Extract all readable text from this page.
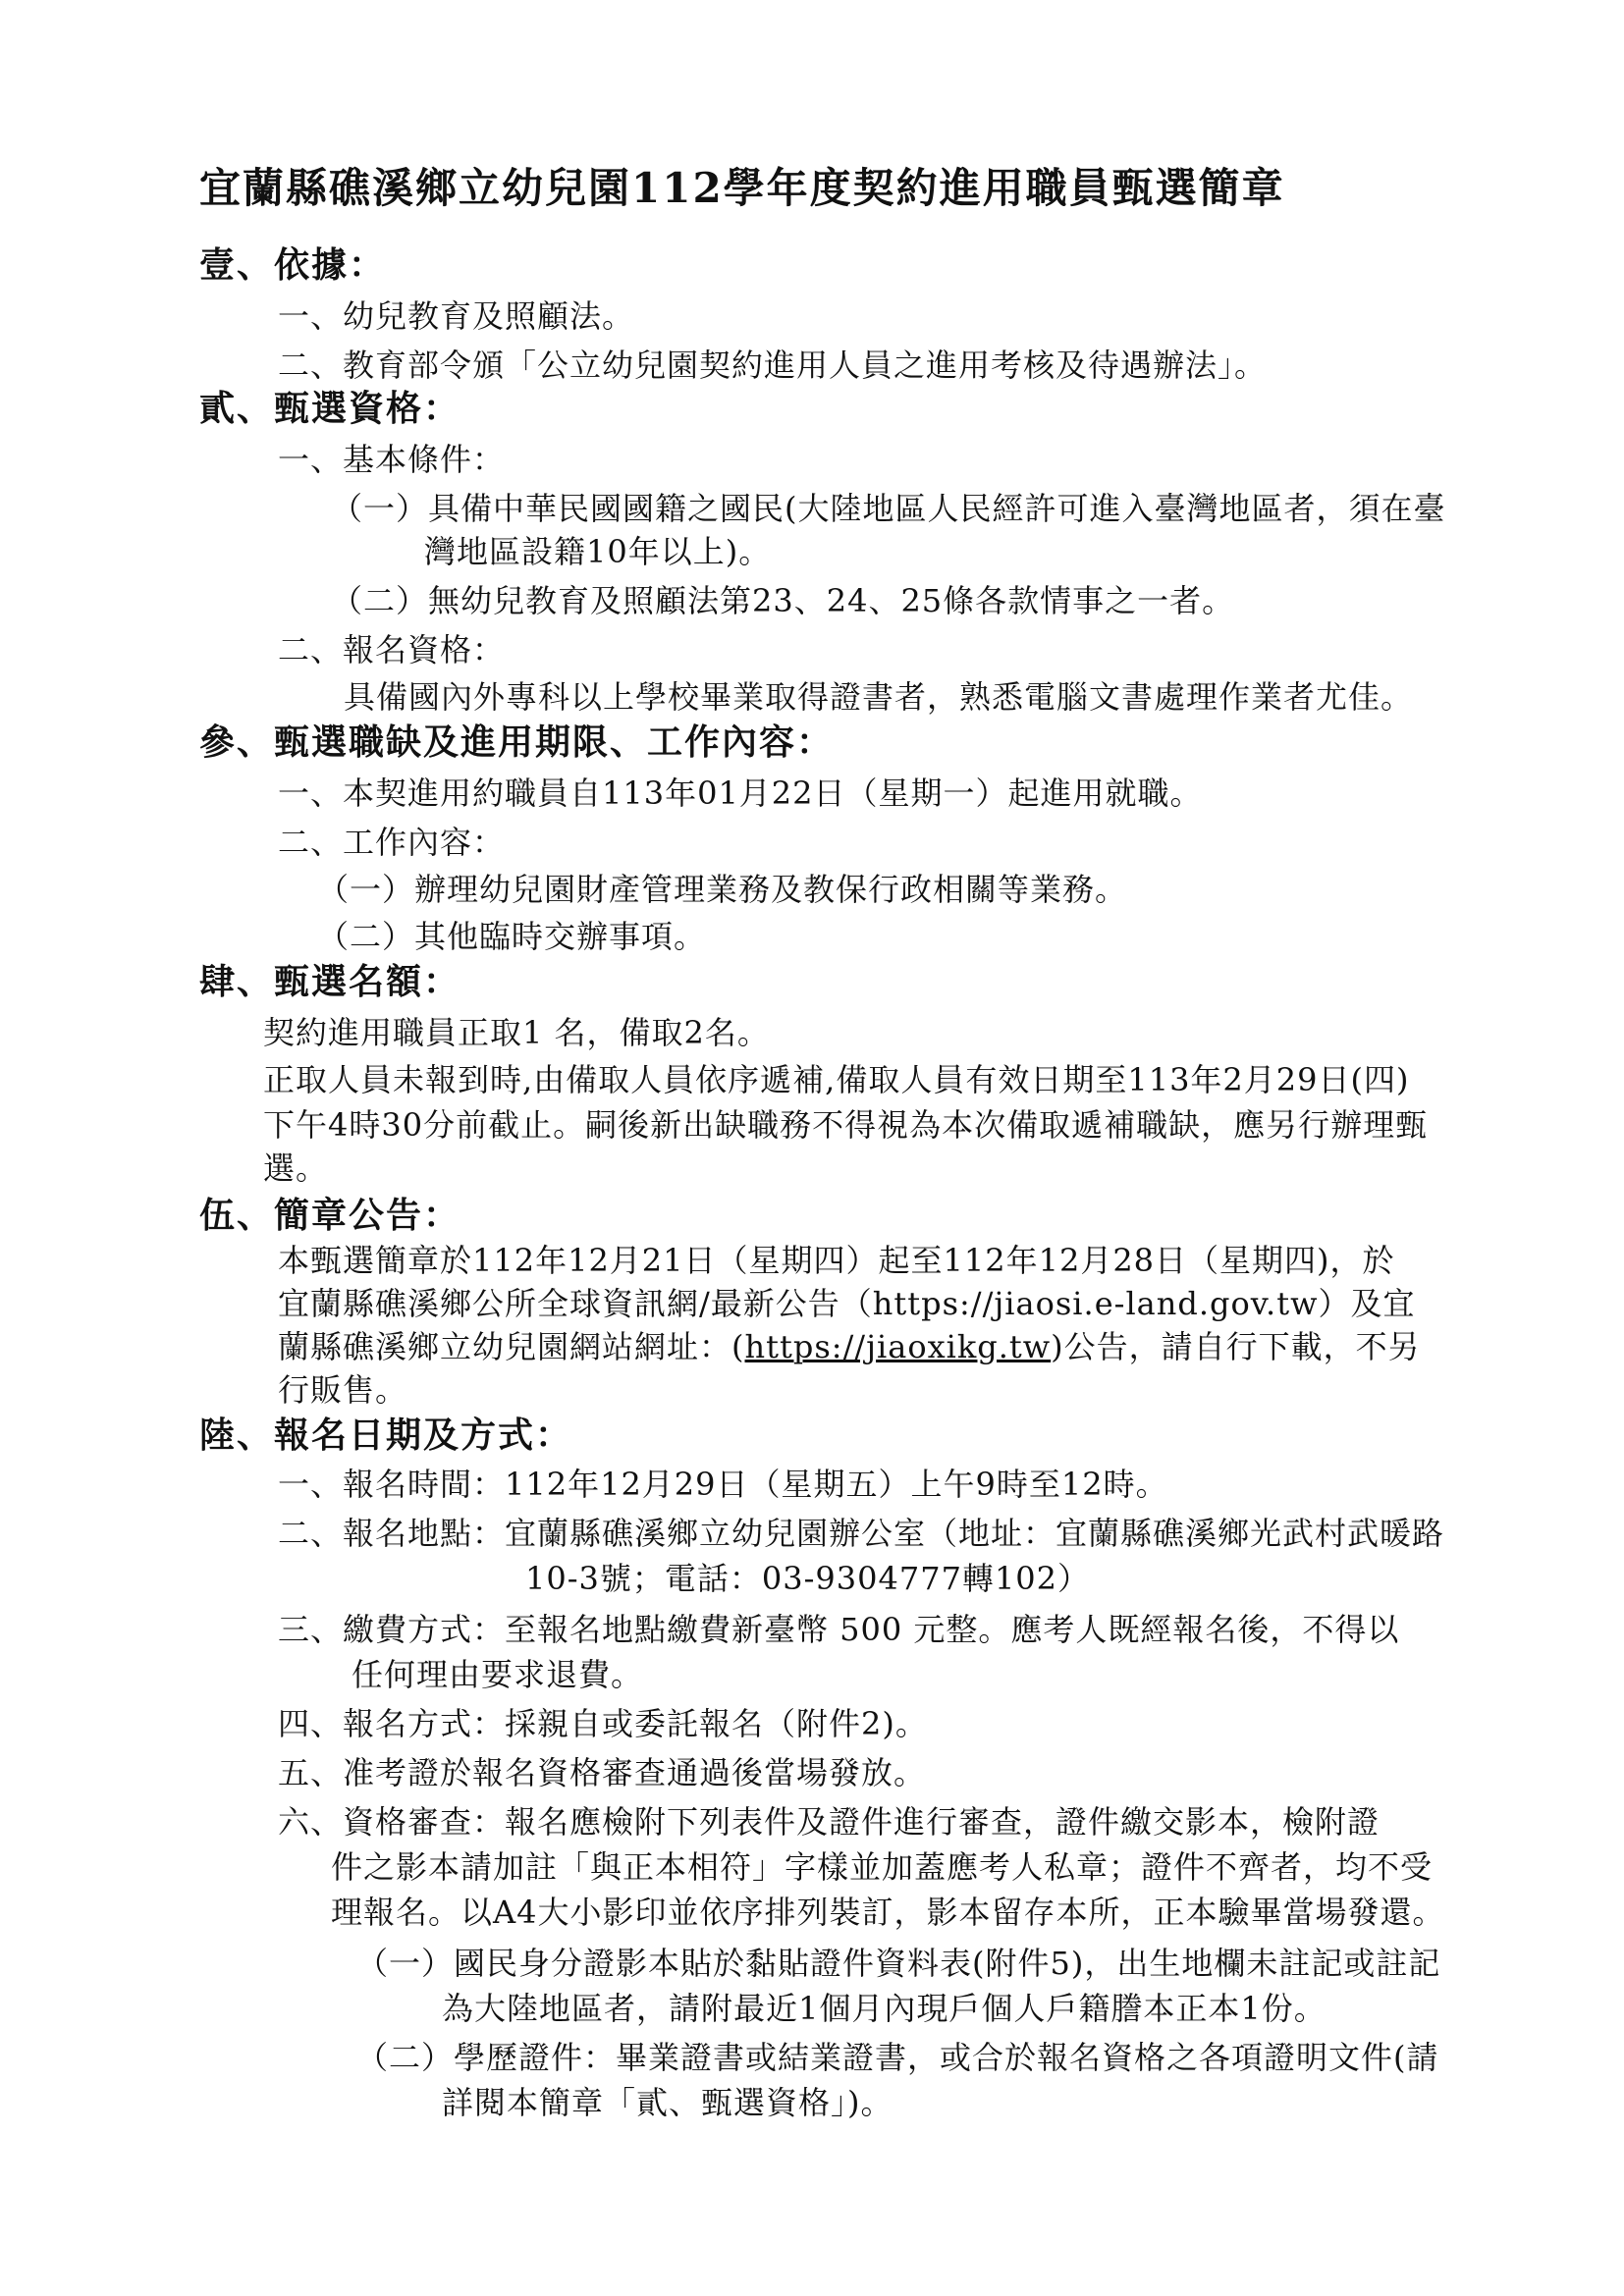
宜蘭縣礁溪鄉立幼兒園112學年度契約進用職員甄選簡章
壹、依據：
一、幼兒教育及照顧法。
二、教育部令頒「公立幼兒園契約進用人員之進用考核及待遇辦法」。
貳、甄選資格：
一、基本條件：
（一）具備中華民國國籍之國民(大陸地區人民經許可進入臺灣地區者，須在臺
灣地區設籍10年以上)。
（二）無幼兒教育及照顧法第23、24、25條各款情事之一者。
二、報名資格：
具備國內外專科以上學校畢業取得證書者，熟悉電腦文書處理作業者尤佳。
參、甄選職缺及進用期限、工作內容：
一、本契進用約職員自113年01月22日（星期一）起進用就職。
二、工作內容：
（一）辦理幼兒園財產管理業務及教保行政相關等業務。
（二）其他臨時交辦事項。
肆、甄選名額：
契約進用職員正取1 名，備取2名。
正取人員未報到時,由備取人員依序遞補,備取人員有效日期至113年2月29日(四)
下午4時30分前截止。嗣後新出缺職務不得視為本次備取遞補職缺，應另行辦理甄
選。
伍、簡章公告：
本甄選簡章於112年12月21日（星期四）起至112年12月28日（星期四)，於
宜蘭縣礁溪鄉公所全球資訊網/最新公告（https://jiaosi.e-land.gov.tw）及宜
蘭縣礁溪鄉立幼兒園網站網址：(https://jiaoxikg.tw)公告，請自行下載，不另
行販售。
陸、報名日期及方式：
一、報名時間：112年12月29日（星期五）上午9時至12時。
二、報名地點：宜蘭縣礁溪鄉立幼兒園辦公室（地址：宜蘭縣礁溪鄉光武村武暖路
10-3號；電話：03-9304777轉102）
三、繳費方式：至報名地點繳費新臺幣 500 元整。應考人既經報名後，不得以
任何理由要求退費。
四、報名方式：採親自或委託報名（附件2)。
五、准考證於報名資格審查通過後當場發放。
六、資格審查：報名應檢附下列表件及證件進行審查，證件繳交影本，檢附證
件之影本請加註「與正本相符」字樣並加蓋應考人私章；證件不齊者，均不受
理報名。以A4大小影印並依序排列裝訂，影本留存本所，正本驗畢當場發還。
（一）國民身分證影本貼於黏貼證件資料表(附件5)，出生地欄未註記或註記
為大陸地區者，請附最近1個月內現戶個人戶籍謄本正本1份。
（二）學歷證件：畢業證書或結業證書，或合於報名資格之各項證明文件(請
詳閱本簡章「貳、甄選資格」)。
